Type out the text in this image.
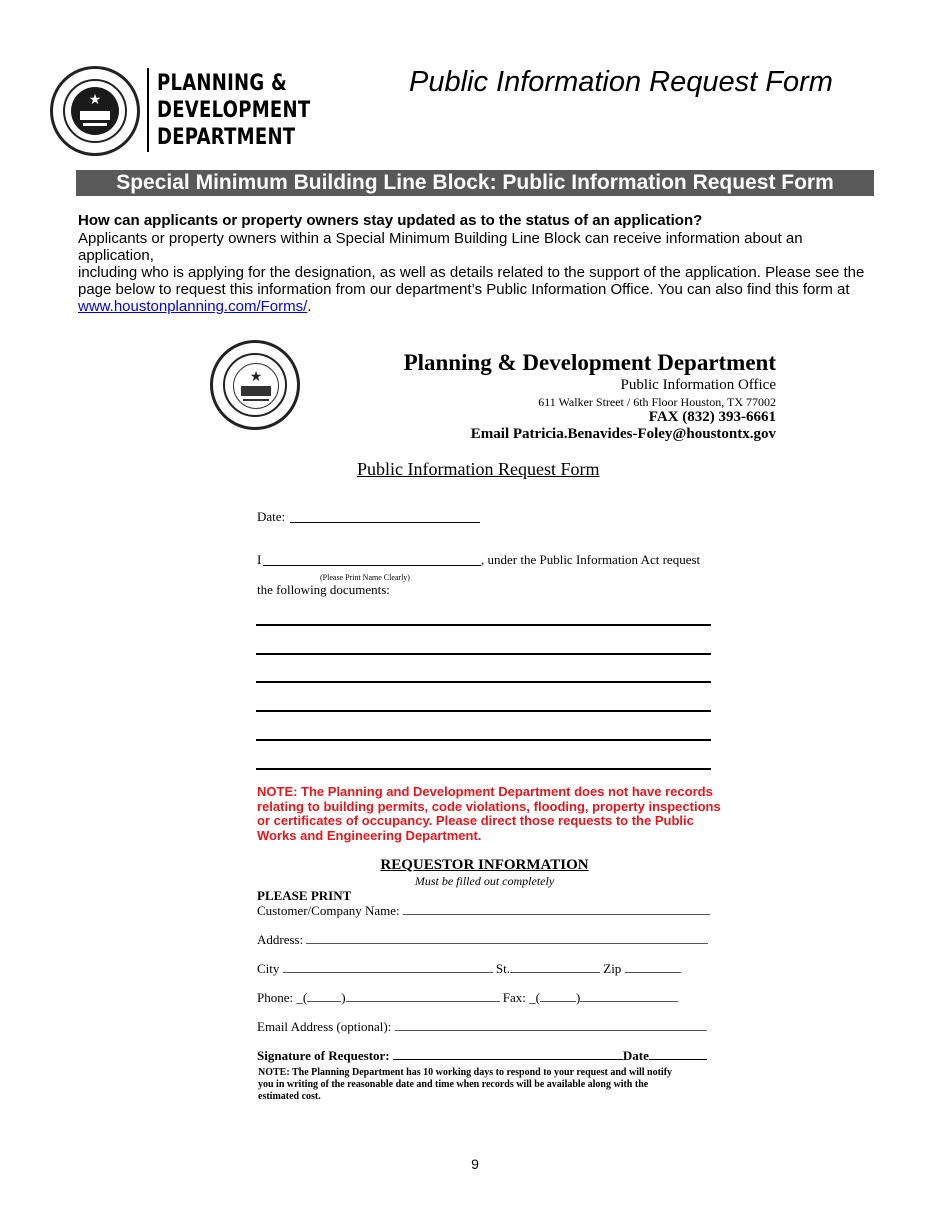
★
PLANNING &
DEVELOPMENT
DEPARTMENT
Public Information Request Form
Special Minimum Building Line Block: Public Information Request Form
How can applicants or property owners stay updated as to the status of an application?
Applicants or property owners within a Special Minimum Building Line Block can receive information about an application,
including who is applying for the designation, as well as details related to the support of the application. Please see the
page below to request this information from our department’s Public Information Office. You can also find this form at
www.houstonplanning.com/Forms/.
★
Planning & Development Department
Public Information Office
611 Walker Street / 6th Floor Houston, TX 77002
FAX (832) 393-6661
Email Patricia.Benavides-Foley@houstontx.gov
Public Information Request Form
Date:
I	, under the Public Information Act request
(Please Print Name Clearly)
the following documents:
NOTE: The Planning and Development Department does not have records
relating to building permits, code violations, flooding, property inspections
or certificates of occupancy. Please direct those requests to the Public
Works and Engineering Department.
REQUESTOR INFORMATION
Must be filled out completely
PLEASE PRINT
Customer/Company Name:
Address:
City	St.	Zip
Phone: _(	)	Fax: _(	)
Email Address (optional):
Signature of Requestor:	Date
NOTE: The Planning Department has 10 working days to respond to your request and will notify
you in writing of the reasonable date and time when records will be available along with the
estimated cost.
9
